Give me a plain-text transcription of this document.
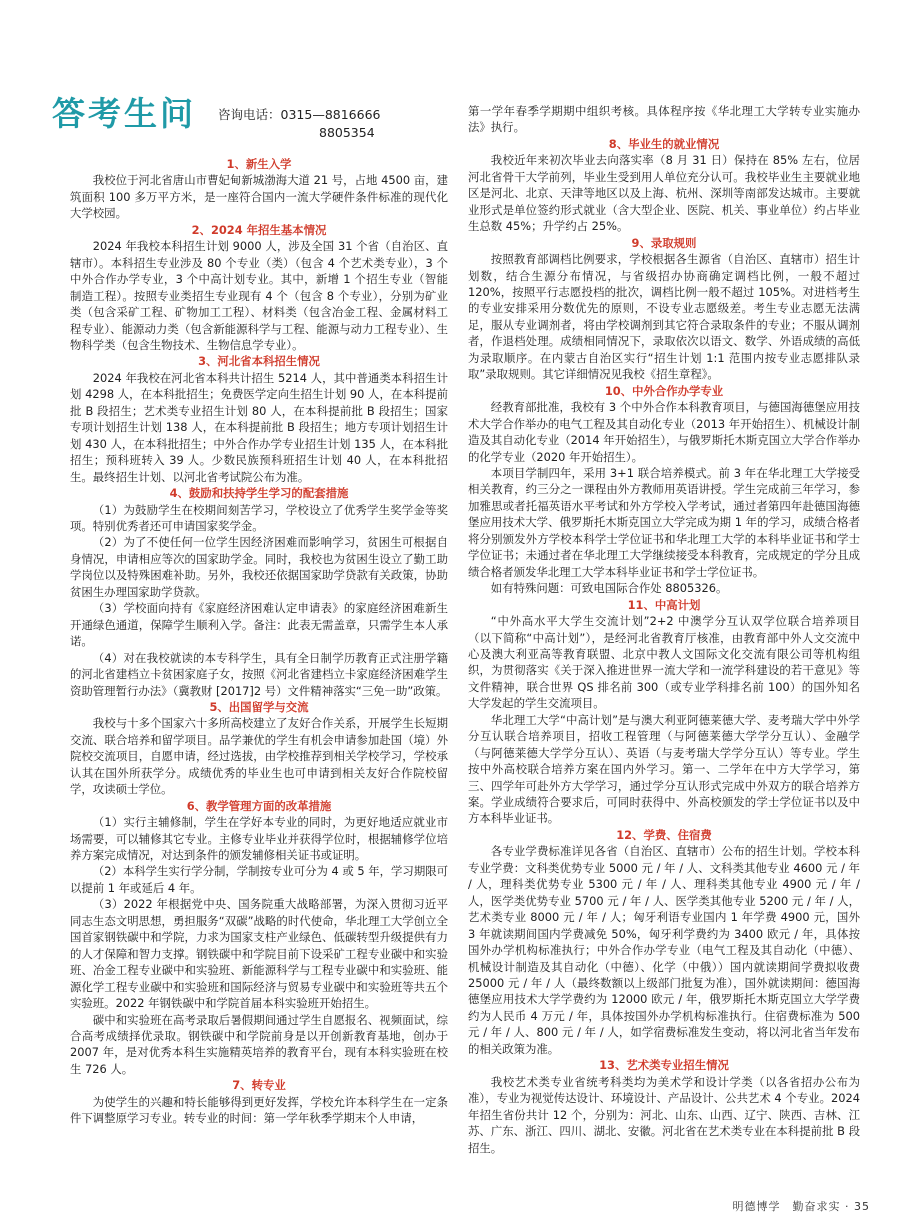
答考生问 咨询电话：0315—8816666
8805354

1、新生入学

我校位于河北省唐山市曹妃甸新城渤海大道 21 号，占地 4500 亩，建筑面积 100 多万平方米，是一座符合国内一流大学硬件条件标准的现代化大学校园。

2、2024 年招生基本情况

2024 年我校本科招生计划 9000 人，涉及全国 31 个省（自治区、直辖市）。本科招生专业涉及 80 个专业（类）（包含 4 个艺术类专业），3 个中外合作办学专业，3 个中高计划专业。其中，新增 1 个招生专业（智能制造工程）。按照专业类招生专业现有 4 个（包含 8 个专业），分别为矿业类（包含采矿工程、矿物加工工程）、材料类（包含冶金工程、金属材料工程专业）、能源动力类（包含新能源科学与工程、能源与动力工程专业）、生物科学类（包含生物技术、生物信息学专业）。

3、河北省本科招生情况

2024 年我校在河北省本科共计招生 5214 人，其中普通类本科招生计划 4298 人，在本科批招生；免费医学定向生招生计划 90 人，在本科提前批 B 段招生；艺术类专业招生计划 80 人，在本科提前批 B 段招生；国家专项计划招生计划 138 人，在本科提前批 B 段招生；地方专项计划招生计划 430 人，在本科批招生；中外合作办学专业招生计划 135 人，在本科批招生；预科班转入 39 人。少数民族预科班招生计划 40 人，在本科批招生。最终招生计划、以河北省考试院公布为准。

4、鼓励和扶持学生学习的配套措施

（1）为鼓励学生在校期间刻苦学习，学校设立了优秀学生奖学金等奖项。特别优秀者还可申请国家奖学金。

（2）为了不使任何一位学生因经济困难而影响学习，贫困生可根据自身情况，申请相应等次的国家助学金。同时，我校也为贫困生设立了勤工助学岗位以及特殊困难补助。另外，我校还依据国家助学贷款有关政策，协助贫困生办理国家助学贷款。

（3）学校面向持有《家庭经济困难认定申请表》的家庭经济困难新生开通绿色通道，保障学生顺利入学。备注：此表无需盖章，只需学生本人承诺。

（4）对在我校就读的本专科学生，具有全日制学历教育正式注册学籍的河北省建档立卡贫困家庭子女，按照《河北省建档立卡家庭经济困难学生资助管理暂行办法》（冀教财 [2017]2 号）文件精神落实“三免一助”政策。

5、出国留学与交流

我校与十多个国家六十多所高校建立了友好合作关系，开展学生长短期交流、联合培养和留学项目。品学兼优的学生有机会申请参加赴国（境）外院校交流项目，自愿申请，经过选拔，由学校推荐到相关学校学习，学校承认其在国外所获学分。成绩优秀的毕业生也可申请到相关友好合作院校留学，攻读硕士学位。

6、教学管理方面的改革措施

（1）实行主辅修制，学生在学好本专业的同时，为更好地适应就业市场需要，可以辅修其它专业。主修专业毕业并获得学位时，根据辅修学位培养方案完成情况，对达到条件的颁发辅修相关证书或证明。

（2）本科学生实行学分制，学制按专业可分为 4 或 5 年，学习期限可以提前 1 年或延后 4 年。

（3）2022 年根据党中央、国务院重大战略部署，为深入贯彻习近平同志生态文明思想，勇担服务“双碳”战略的时代使命，华北理工大学创立全国首家钢铁碳中和学院，力求为国家支柱产业绿色、低碳转型升级提供有力的人才保障和智力支撑。钢铁碳中和学院目前下设采矿工程专业碳中和实验班、冶金工程专业碳中和实验班、新能源科学与工程专业碳中和实验班、能源化学工程专业碳中和实验班和国际经济与贸易专业碳中和实验班等共五个实验班。2022 年钢铁碳中和学院首届本科实验班开始招生。

碳中和实验班在高考录取后暑假期间通过学生自愿报名、视频面试，综合高考成绩择优录取。钢铁碳中和学院前身是以开创新教育基地，创办于 2007 年，是对优秀本科生实施精英培养的教育平台，现有本科实验班在校生 726 人。

7、转专业

为使学生的兴趣和特长能够得到更好发挥，学校允许本科学生在一定条件下调整原学习专业。转专业的时间：第一学年秋季学期末个人申请，

第一学年春季学期期中组织考核。具体程序按《华北理工大学转专业实施办法》执行。

8、毕业生的就业情况

我校近年来初次毕业去向落实率（8 月 31 日）保持在 85% 左右，位居河北省骨干大学前列，毕业生受到用人单位充分认可。我校毕业生主要就业地区是河北、北京、天津等地区以及上海、杭州、深圳等南部发达城市。主要就业形式是单位签约形式就业（含大型企业、医院、机关、事业单位）约占毕业生总数 45%；升学约占 25%。

9、录取规则

按照教育部调档比例要求，学校根据各生源省（自治区、直辖市）招生计划数，结合生源分布情况，与省级招办协商确定调档比例，一般不超过 120%，按照平行志愿投档的批次，调档比例一般不超过 105%。对进档考生的专业安排采用分数优先的原则，不设专业志愿级差。考生专业志愿无法满足，服从专业调剂者，将由学校调剂到其它符合录取条件的专业；不服从调剂者，作退档处理。成绩相同情况下，录取依次以语文、数学、外语成绩的高低为录取顺序。在内蒙古自治区实行“招生计划 1:1 范围内按专业志愿排队录取”录取规则。其它详细情况见我校《招生章程》。

10、中外合作办学专业

经教育部批准，我校有 3 个中外合作本科教育项目，与德国海德堡应用技术大学合作举办的电气工程及其自动化专业（2013 年开始招生）、机械设计制造及其自动化专业（2014 年开始招生），与俄罗斯托木斯克国立大学合作举办的化学专业（2020 年开始招生）。

本项目学制四年，采用 3+1 联合培养模式。前 3 年在华北理工大学接受相关教育，约三分之一课程由外方教师用英语讲授。学生完成前三年学习，参加雅思或者托福英语水平考试和外方学校入学考试，通过者第四年赴德国海德堡应用技术大学、俄罗斯托木斯克国立大学完成为期 1 年的学习，成绩合格者将分别颁发外方学校本科学士学位证书和华北理工大学的本科毕业证书和学士学位证书；未通过者在华北理工大学继续接受本科教育，完成规定的学分且成绩合格者颁发华北理工大学本科毕业证书和学士学位证书。

如有特殊问题：可致电国际合作处 8805326。

11、中高计划

“中外高水平大学生交流计划”2+2 中澳学分互认双学位联合培养项目（以下简称“中高计划”），是经河北省教育厅核准，由教育部中外人文交流中心及澳大利亚高等教育联盟、北京中教人文国际文化交流有限公司等机构组织，为贯彻落实《关于深入推进世界一流大学和一流学科建设的若干意见》等文件精神，联合世界 QS 排名前 300（或专业学科排名前 100）的国外知名大学发起的学生交流项目。

华北理工大学“中高计划”是与澳大利亚阿德莱德大学、麦考瑞大学中外学分互认联合培养项目，招收工程管理（与阿德莱德大学学分互认）、金融学（与阿德莱德大学学分互认）、英语（与麦考瑞大学学分互认）等专业。学生按中外高校联合培养方案在国内外学习。第一、二学年在中方大学学习，第三、四学年可赴外方大学学习，通过学分互认形式完成中外双方的联合培养方案。学业成绩符合要求后，可同时获得中、外高校颁发的学士学位证书以及中方本科毕业证书。

12、学费、住宿费

各专业学费标准详见各省（自治区、直辖市）公布的招生计划。学校本科专业学费：文科类优势专业 5000 元 / 年 / 人、文科类其他专业 4600 元 / 年 / 人，理科类优势专业 5300 元 / 年 / 人、理科类其他专业 4900 元 / 年 / 人，医学类优势专业 5700 元 / 年 / 人、医学类其他专业 5200 元 / 年 / 人，艺术类专业 8000 元 / 年 / 人；匈牙利语专业国内 1 年学费 4900 元，国外 3 年就读期间国内学费减免 50%，匈牙利学费约为 3400 欧元 / 年，具体按国外办学机构标准执行；中外合作办学专业（电气工程及其自动化（中德）、机械设计制造及其自动化（中德）、化学（中俄））国内就读期间学费拟收费 25000 元 / 年 / 人（最终数额以上级部门批复为准），国外就读期间：德国海德堡应用技术大学学费约为 12000 欧元 / 年，俄罗斯托木斯克国立大学学费约为人民币 4 万元 / 年，具体按国外办学机构标准执行。住宿费标准为 500 元 / 年 / 人、800 元 / 年 / 人，如学宿费标准发生变动，将以河北省当年发布的相关政策为准。

13、艺术类专业招生情况

我校艺术类专业省统考科类均为美术学和设计学类（以各省招办公布为准），专业为视觉传达设计、环境设计、产品设计、公共艺术 4 个专业。2024 年招生省份共计 12 个，分别为：河北、山东、山西、辽宁、陕西、吉林、江苏、广东、浙江、四川、湖北、安徽。河北省在艺术类专业在本科提前批 B 段招生。

明德博学　勤奋求实 · 35
